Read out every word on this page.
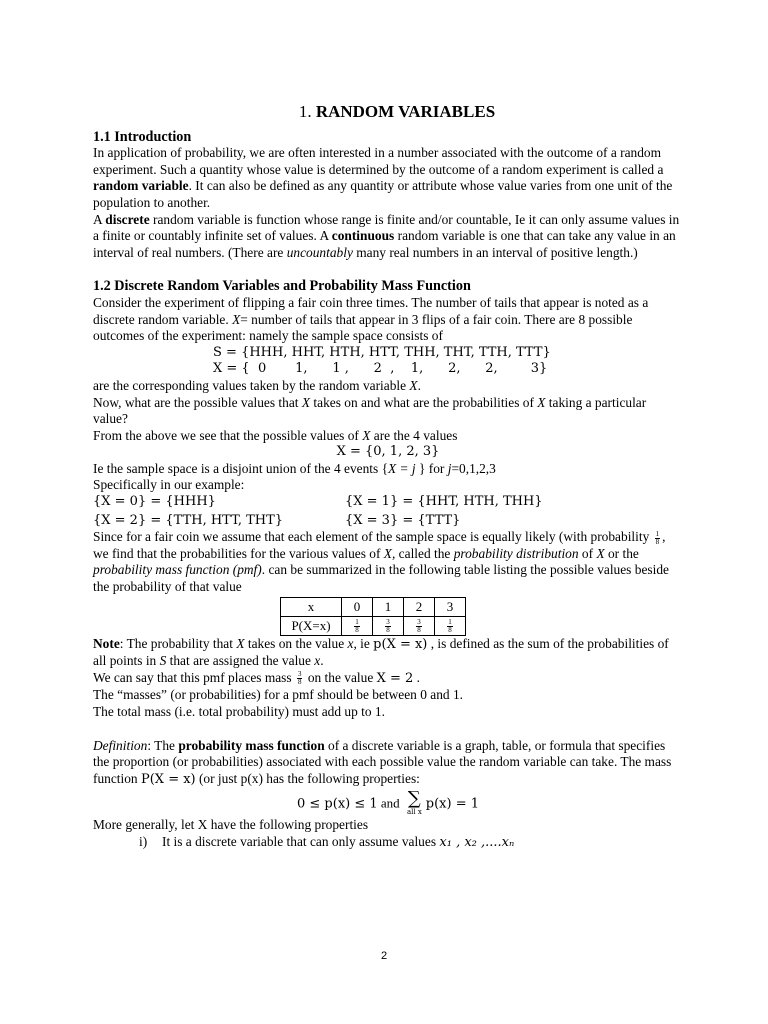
1. RANDOM VARIABLES

1.1 Introduction

In application of probability, we are often interested in a number associated with the outcome of a random experiment. Such a quantity whose value is determined by the outcome of a random experiment is called a random variable. It can also be defined as any quantity or attribute whose value varies from one unit of the population to another.

A discrete random variable is function whose range is finite and/or countable, Ie it can only assume values in a finite or countably infinite set of values. A continuous random variable is one that can take any value in an interval of real numbers. (There are uncountably many real numbers in an interval of positive length.)

1.2 Discrete Random Variables and Probability Mass Function

Consider the experiment of flipping a fair coin three times. The number of tails that appear is noted as a discrete random variable. X= number of tails that appear in 3 flips of a fair coin. There are 8 possible outcomes of the experiment: namely the sample space consists of

S = {HHH, HHT, HTH, HTT, THH, THT, TTH, TTT}

X = {  0       1,      1 ,      2  ,    1,      2,      2,        3}

are the corresponding values taken by the random variable X.

Now, what are the possible values that X takes on and what are the probabilities of X taking a particular value?

From the above we see that the possible values of X are the 4 values

X = {0, 1, 2, 3}

Ie the sample space is a disjoint union of the 4 events {X = j } for j=0,1,2,3

Specifically in our example:

{X = 0} = {HHH}	{X = 1} = {HHT, HTH, THH}
{X = 2} = {TTH, HTT, THT}	{X = 3} = {TTT}

Since for a fair coin we assume that each element of the sample space is equally likely (with probability $\frac{1}{8}$ , we find that the probabilities for the various values of X, called the probability distribution of X or the probability mass function (pmf). can be summarized in the following table listing the possible values beside the probability of that value

x	0	1	2	3
P(X=x)	$\frac{1}{8}$	$\frac{3}{8}$	$\frac{3}{8}$	$\frac{1}{8}$

Note: The probability that X takes on the value x, ie p(X = x) , is defined as the sum of the probabilities of all points in S that are assigned the value x.

We can say that this pmf places mass $\frac{3}{8}$ on the value X = 2 .

The “masses” (or probabilities) for a pmf should be between 0 and 1.

The total mass (i.e. total probability) must add up to 1.

Definition: The probability mass function of a discrete variable is a graph, table, or formula that specifies the proportion (or probabilities) associated with each possible value the random variable can take. The mass function P(X = x) (or just p(x) has the following properties:

0 ≤ p(x) ≤ 1 and ∑
all x
p(x) = 1

More generally, let X have the following properties

i) It is a discrete variable that can only assume values x₁ , x₂ ,....xₙ

2
